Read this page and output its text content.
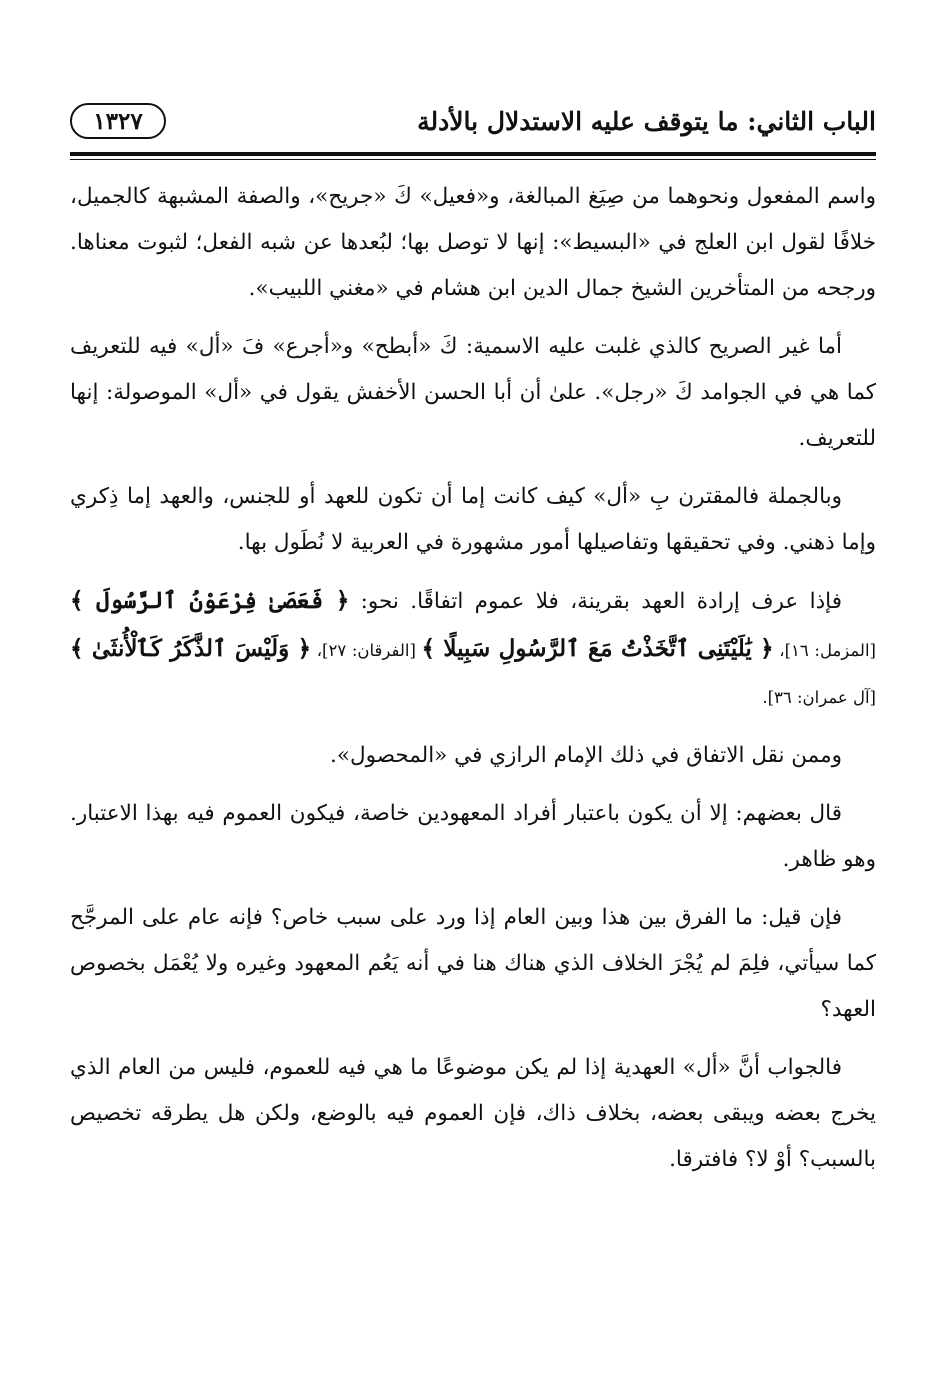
الباب الثاني: ما يتوقف عليه الاستدلال بالأدلة
١٣٢٧

واسم المفعول ونحوهما من صِيَغ المبالغة، و«فعيل» كَ «جريح»، والصفة المشبهة كالجميل، خلافًا لقول ابن العلج في «البسيط»: إنها لا توصل بها؛ لبُعدها عن شبه الفعل؛ لثبوت معناها. ورجحه من المتأخرين الشيخ جمال الدين ابن هشام في «مغني اللبيب».

أما غير الصريح كالذي غلبت عليه الاسمية: كَ «أبطح» و«أجرع» فَ «أل» فيه للتعريف كما هي في الجوامد كَ «رجل». علىٰ أن أبا الحسن الأخفش يقول في «أل» الموصولة: إنها للتعريف.

وبالجملة فالمقترن بِ «أل» كيف كانت إما أن تكون للعهد أو للجنس، والعهد إما ذِكري وإما ذهني. وفي تحقيقها وتفاصيلها أمور مشهورة في العربية لا نُطَول بها.

فإذا عرف إرادة العهد بقرينة، فلا عموم اتفاقًا. نحو: ﴿ فَعَصَىٰ فِرْعَوْنُ ٱلرَّسُولَ ﴾ [المزمل: ١٦]، ﴿ يَٰلَيْتَنِى ٱتَّخَذْتُ مَعَ ٱلرَّسُولِ سَبِيلًا ﴾ [الفرقان: ٢٧]، ﴿ وَلَيْسَ ٱلذَّكَرُ كَٱلْأُنثَىٰ ﴾ [آل عمران: ٣٦].

وممن نقل الاتفاق في ذلك الإمام الرازي في «المحصول».

قال بعضهم: إلا أن يكون باعتبار أفراد المعهودين خاصة، فيكون العموم فيه بهذا الاعتبار. وهو ظاهر.

فإن قيل: ما الفرق بين هذا وبين العام إذا ورد على سبب خاص؟ فإنه عام على المرجَّح كما سيأتي، فلِمَ لم يُجْرَ الخلاف الذي هناك هنا في أنه يَعُم المعهود وغيره ولا يُعْمَل بخصوص العهد؟

فالجواب أنَّ «أل» العهدية إذا لم يكن موضوعًا ما هي فيه للعموم، فليس من العام الذي يخرج بعضه ويبقى بعضه، بخلاف ذاك، فإن العموم فيه بالوضع، ولكن هل يطرقه تخصيص بالسبب؟ أوْ لا؟ فافترقا.
